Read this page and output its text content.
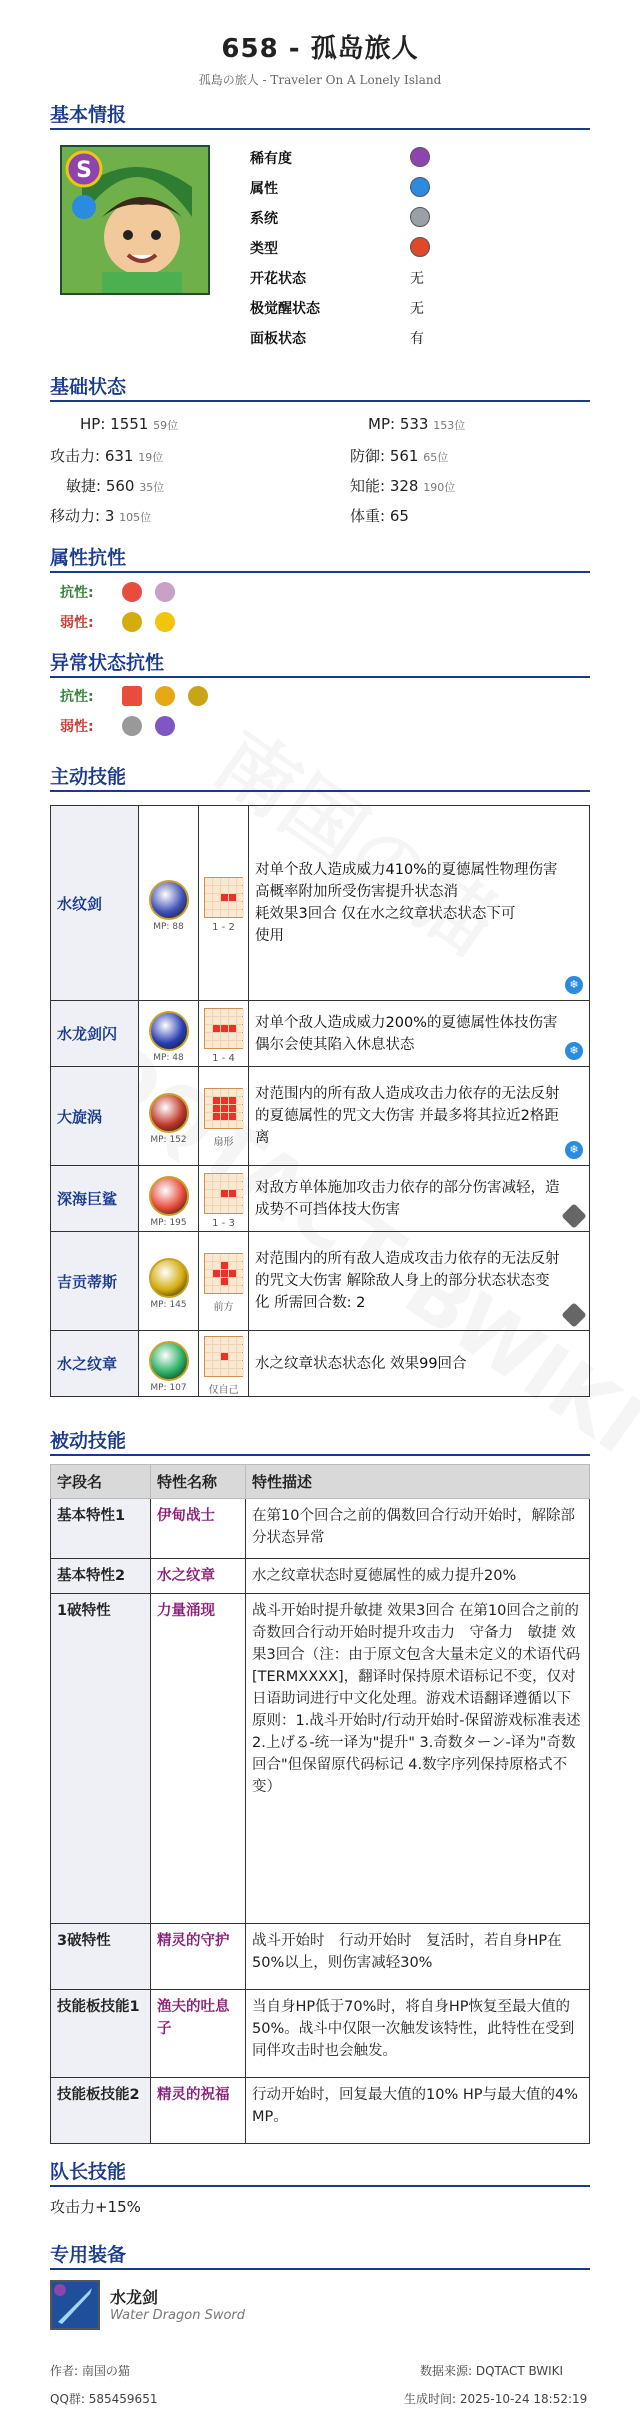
658 - 孤岛旅人
孤島の旅人 - Traveler On A Lonely Island
基本情报
S	稀有度
属性
系统
类型
开花状态	无
极觉醒状态	无
面板状态	有
基础状态
HP: 1551 59位	MP: 533 153位
攻击力: 631 19位	防御: 561 65位
敏捷: 560 35位	知能: 328 190位
移动力: 3 105位	体重: 65
属性抗性
抗性:
弱性:
异常状态抗性
抗性:
弱性:
主动技能
水纹剑	MP: 88	1 - 2	对单个敌人造成威力410%的夏德属性物理伤害 高概率附加所受伤害提升状态消
耗效果3回合 仅在水之纹章状态状态下可
使用
❄

水龙剑闪	MP: 48	1 - 4	对单个敌人造成威力200%的夏德属性体技伤害 偶尔会使其陷入休息状态 ❄

大旋涡	MP: 152	扇形	对范围内的所有敌人造成攻击力依存的无法反射的夏德属性的咒文大伤害 并最多将其拉近2格距离
❄

深海巨鲨	MP: 195	1 - 3	对敌方单体施加攻击力依存的部分伤害减轻，造成势不可挡体技大伤害

吉贡蒂斯	MP: 145	前方	对范围内的所有敌人造成攻击力依存的无法反射的咒文大伤害 解除敌人身上的部分状态状态变化 所需回合数: 2

水之纹章	MP: 107	仅自己	水之纹章状态状态化 效果99回合
被动技能
字段名	特性名称	特性描述
基本特性1	伊甸战士	在第10个回合之前的偶数回合行动开始时，解除部分状态异常
基本特性2	水之纹章	水之纹章状态时夏德属性的威力提升20%
1破特性	力量涌现	战斗开始时提升敏捷 效果3回合 在第10回合之前的奇数回合行动开始时提升攻击力　守备力　敏捷 效果3回合（注：由于原文包含大量未定义的术语代码[TERMXXXX]，翻译时保持原术语标记不变，仅对日语助词进行中文化处理。游戏术语翻译遵循以下原则：1.战斗开始时/行动开始时-保留游戏标准表述 2.上げる-统一译为"提升" 3.奇数ターン-译为"奇数回合"但保留原代码标记 4.数字序列保持原格式不变）
3破特性	精灵的守护	战斗开始时　行动开始时　复活时，若自身HP在50%以上，则伤害减轻30%
技能板技能1	渔夫的吐息子	当自身HP低于70%时，将自身HP恢复至最大值的50%。战斗中仅限一次触发该特性，此特性在受到同伴攻击时也会触发。
技能板技能2	精灵的祝福	行动开始时，回复最大值的10% HP与最大值的4% MP。
队长技能
攻击力+15%
专用装备
水龙剑
Water Dragon Sword
作者: 南国の猫
QQ群: 585459651
数据来源: DQTACT BWIKI
生成时间: 2025-10-24 18:52:19
